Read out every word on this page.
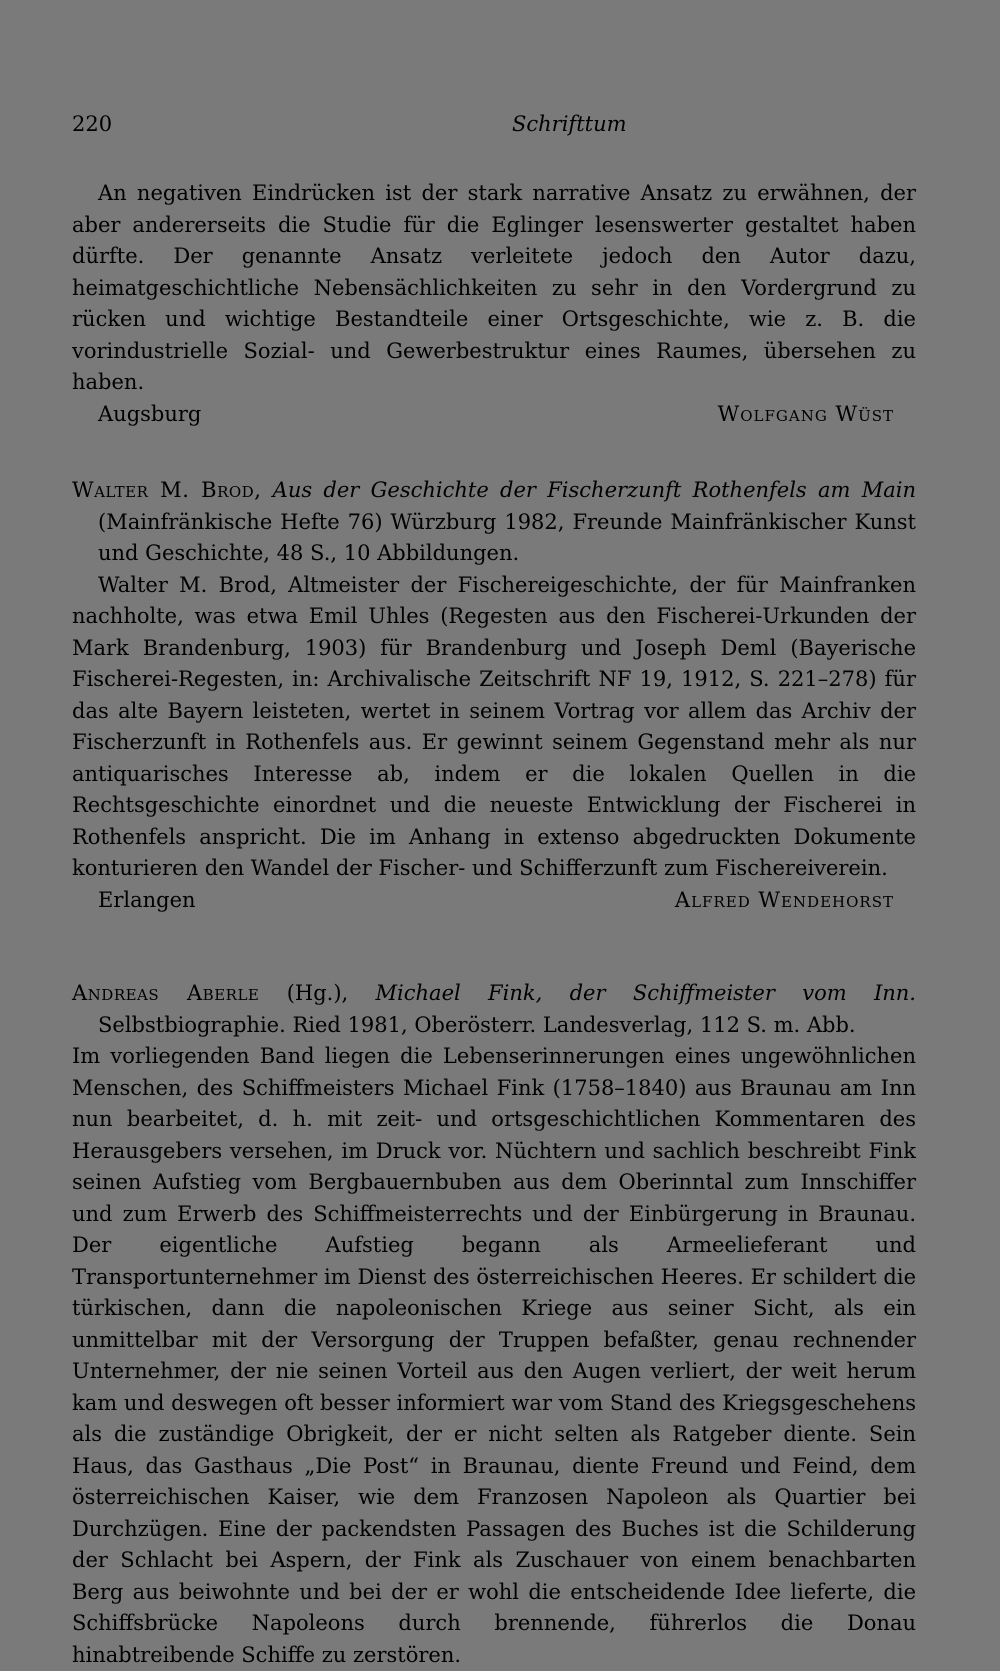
220	Schrifttum

An negativen Eindrücken ist der stark narrative Ansatz zu erwähnen, der aber andererseits die Studie für die Eglinger lesenswerter gestaltet haben dürfte. Der genannte Ansatz verleitete jedoch den Autor dazu, heimatgeschichtliche Nebensächlichkeiten zu sehr in den Vordergrund zu rücken und wichtige Bestandteile einer Ortsgeschichte, wie z. B. die vorindustrielle Sozial- und Gewerbestruktur eines Raumes, übersehen zu haben.

Augsburg	Wolfgang Wüst

Walter M. Brod, Aus der Geschichte der Fischerzunft Rothenfels am Main (Mainfränkische Hefte 76) Würzburg 1982, Freunde Mainfränkischer Kunst und Geschichte, 48 S., 10 Abbildungen.

Walter M. Brod, Altmeister der Fischereigeschichte, der für Mainfranken nachholte, was etwa Emil Uhles (Regesten aus den Fischerei-Urkunden der Mark Brandenburg, 1903) für Brandenburg und Joseph Deml (Bayerische Fischerei-Regesten, in: Archivalische Zeitschrift NF 19, 1912, S. 221–278) für das alte Bayern leisteten, wertet in seinem Vortrag vor allem das Archiv der Fischerzunft in Rothenfels aus. Er gewinnt seinem Gegenstand mehr als nur antiquarisches Interesse ab, indem er die lokalen Quellen in die Rechtsgeschichte einordnet und die neueste Entwicklung der Fischerei in Rothenfels anspricht. Die im Anhang in extenso abgedruckten Dokumente konturieren den Wandel der Fischer- und Schifferzunft zum Fischereiverein.

Erlangen	Alfred Wendehorst

Andreas Aberle (Hg.), Michael Fink, der Schiffmeister vom Inn. Selbstbiographie. Ried 1981, Oberösterr. Landesverlag, 112 S. m. Abb.

Im vorliegenden Band liegen die Lebenserinnerungen eines ungewöhnlichen Menschen, des Schiffmeisters Michael Fink (1758–1840) aus Braunau am Inn nun bearbeitet, d. h. mit zeit- und ortsgeschichtlichen Kommentaren des Herausgebers versehen, im Druck vor. Nüchtern und sachlich beschreibt Fink seinen Aufstieg vom Bergbauernbuben aus dem Oberinntal zum Innschiffer und zum Erwerb des Schiffmeisterrechts und der Einbürgerung in Braunau. Der eigentliche Aufstieg begann als Armeelieferant und Transportunternehmer im Dienst des österreichischen Heeres. Er schildert die türkischen, dann die napoleonischen Kriege aus seiner Sicht, als ein unmittelbar mit der Versorgung der Truppen befaßter, genau rechnender Unternehmer, der nie seinen Vorteil aus den Augen verliert, der weit herum kam und deswegen oft besser informiert war vom Stand des Kriegsgeschehens als die zuständige Obrigkeit, der er nicht selten als Ratgeber diente. Sein Haus, das Gasthaus „Die Post“ in Braunau, diente Freund und Feind, dem österreichischen Kaiser, wie dem Franzosen Napoleon als Quartier bei Durchzügen. Eine der packendsten Passagen des Buches ist die Schilderung der Schlacht bei Aspern, der Fink als Zuschauer von einem benachbarten Berg aus beiwohnte und bei der er wohl die entscheidende Idee lieferte, die Schiffsbrücke Napoleons durch brennende, führerlos die Donau hinabtreibende Schiffe zu zerstören.
